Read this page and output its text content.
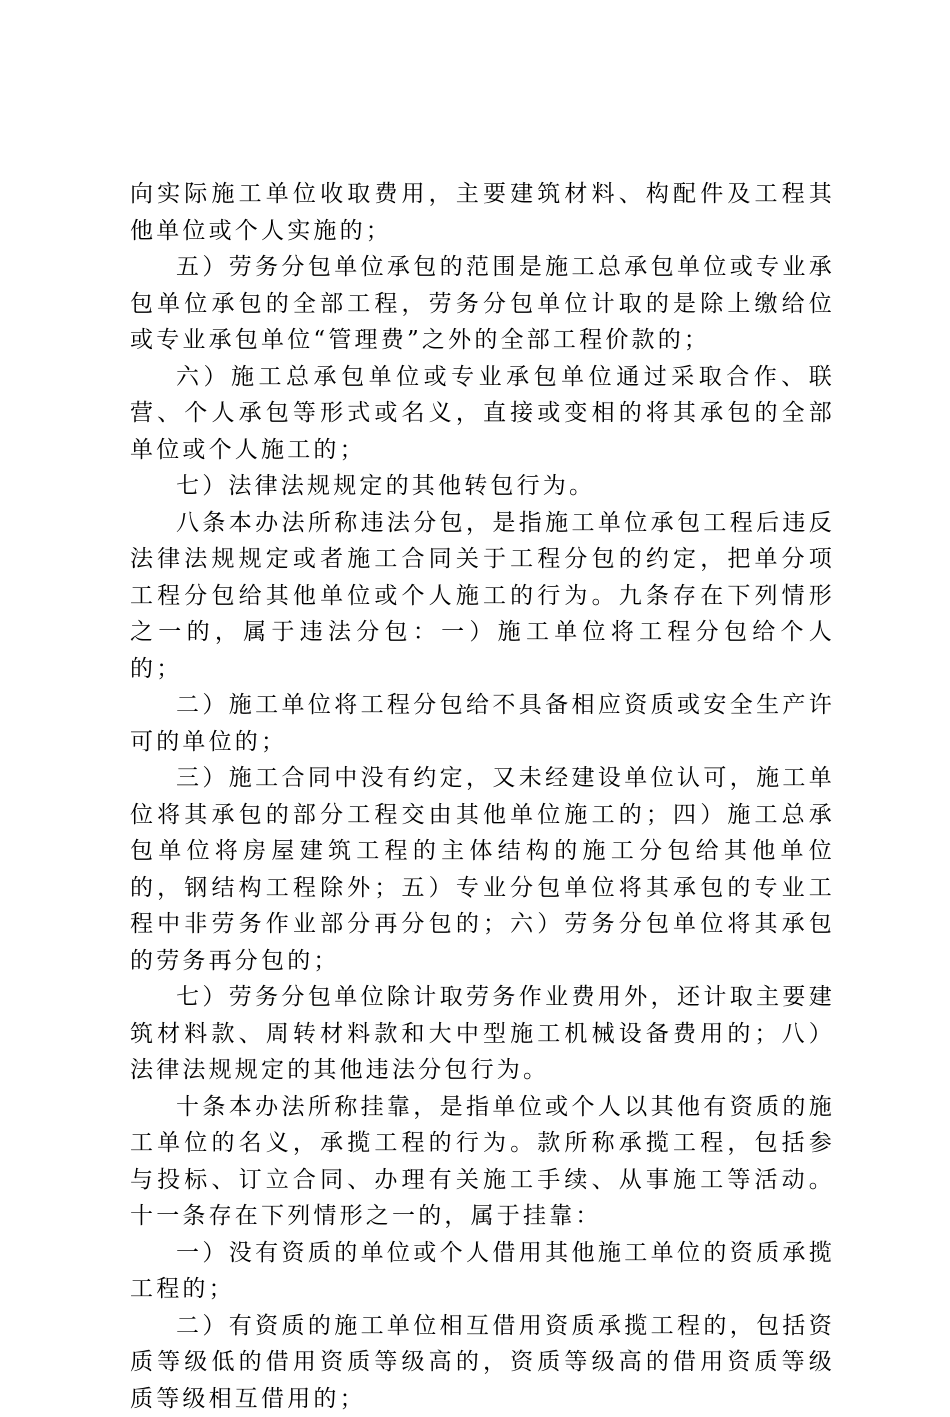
向实际施工单位收取费用，主要建筑材料、构配件及工程其他单位或个人实施的；

五）劳务分包单位承包的范围是施工总承包单位或专业承包单位承包的全部工程，劳务分包单位计取的是除上缴给位或专业承包单位“管理费”之外的全部工程价款的；

六）施工总承包单位或专业承包单位通过采取合作、联营、个人承包等形式或名义，直接或变相的将其承包的全部单位或个人施工的；

七）法律法规规定的其他转包行为。

八条本办法所称违法分包，是指施工单位承包工程后违反法律法规规定或者施工合同关于工程分包的约定，把单分项工程分包给其他单位或个人施工的行为。九条存在下列情形之一的，属于违法分包：一）施工单位将工程分包给个人的；

二）施工单位将工程分包给不具备相应资质或安全生产许可的单位的；

三）施工合同中没有约定，又未经建设单位认可，施工单位将其承包的部分工程交由其他单位施工的；四）施工总承包单位将房屋建筑工程的主体结构的施工分包给其他单位的，钢结构工程除外；五）专业分包单位将其承包的专业工程中非劳务作业部分再分包的；六）劳务分包单位将其承包的劳务再分包的；

七）劳务分包单位除计取劳务作业费用外，还计取主要建筑材料款、周转材料款和大中型施工机械设备费用的；八）法律法规规定的其他违法分包行为。

十条本办法所称挂靠，是指单位或个人以其他有资质的施工单位的名义，承揽工程的行为。款所称承揽工程，包括参与投标、订立合同、办理有关施工手续、从事施工等活动。十一条存在下列情形之一的，属于挂靠：

一）没有资质的单位或个人借用其他施工单位的资质承揽工程的；

二）有资质的施工单位相互借用资质承揽工程的，包括资质等级低的借用资质等级高的，资质等级高的借用资质等级质等级相互借用的；
